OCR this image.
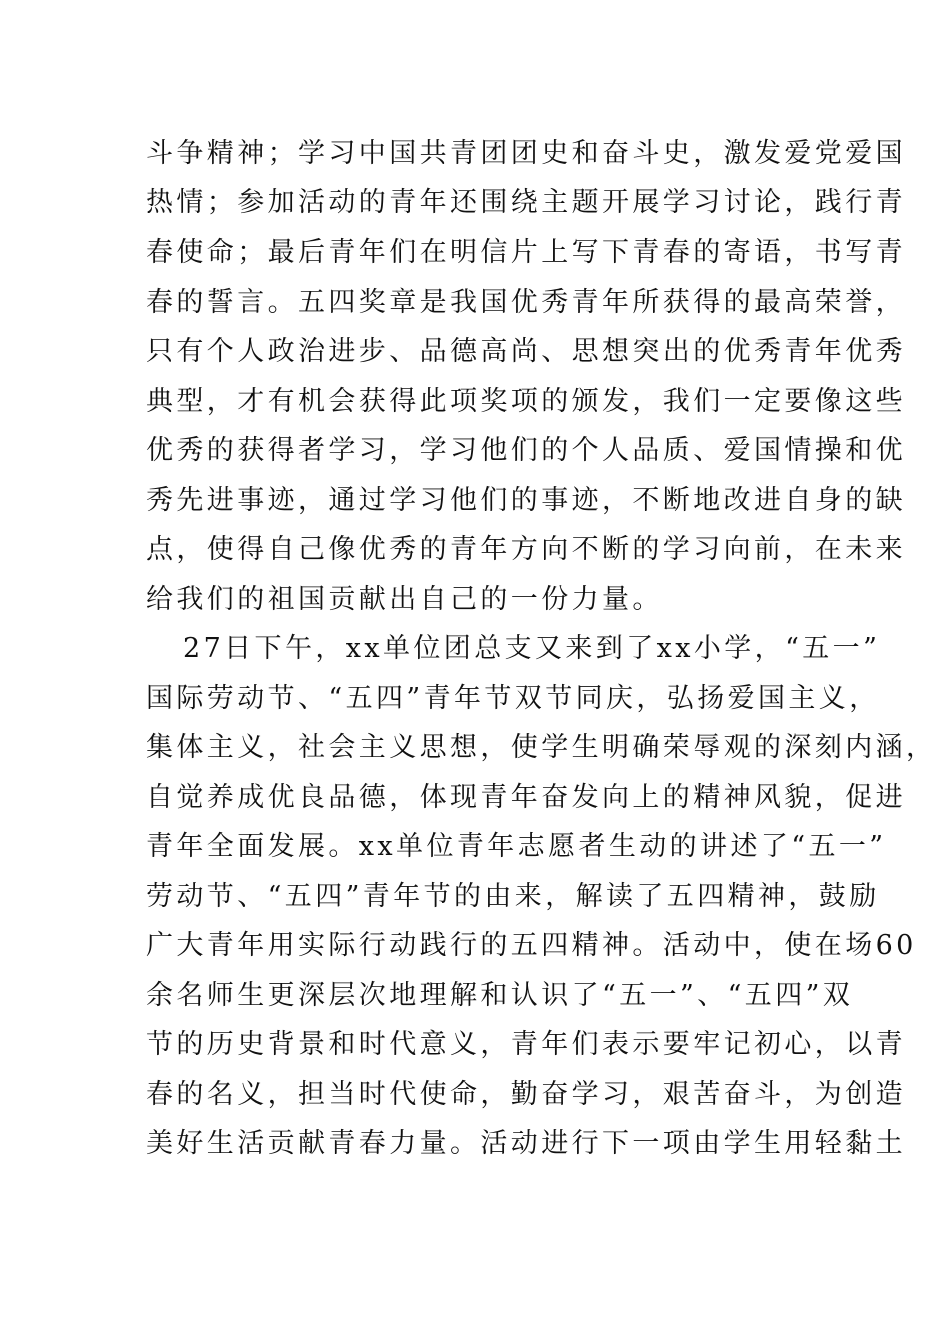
斗争精神；学习中国共青团团史和奋斗史，激发爱党爱国
热情；参加活动的青年还围绕主题开展学习讨论，践行青
春使命；最后青年们在明信片上写下青春的寄语，书写青
春的誓言。五四奖章是我国优秀青年所获得的最高荣誉，
只有个人政治进步、品德高尚、思想突出的优秀青年优秀
典型，才有机会获得此项奖项的颁发，我们一定要像这些
优秀的获得者学习，学习他们的个人品质、爱国情操和优
秀先进事迹，通过学习他们的事迹，不断地改进自身的缺
点，使得自己像优秀的青年方向不断的学习向前，在未来
给我们的祖国贡献出自己的一份力量。
27日下午，xx单位团总支又来到了xx小学，“五一”
国际劳动节、“五四”青年节双节同庆，弘扬爱国主义，
集体主义，社会主义思想，使学生明确荣辱观的深刻内涵，
自觉养成优良品德，体现青年奋发向上的精神风貌，促进
青年全面发展。xx单位青年志愿者生动的讲述了“五一”
劳动节、“五四”青年节的由来，解读了五四精神，鼓励
广大青年用实际行动践行的五四精神。活动中，使在场60
余名师生更深层次地理解和认识了“五一”、“五四”双
节的历史背景和时代意义，青年们表示要牢记初心，以青
春的名义，担当时代使命，勤奋学习，艰苦奋斗，为创造
美好生活贡献青春力量。活动进行下一项由学生用轻黏土
